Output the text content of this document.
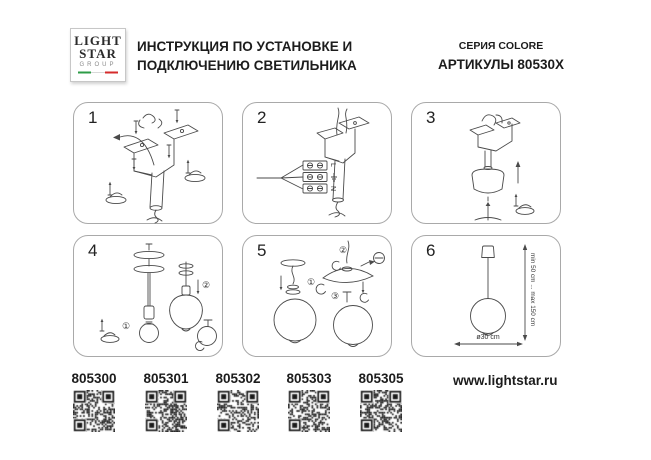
LIGHT
STAR
GROUP
ИНСТРУКЦИЯ ПО УСТАНОВКЕ И
ПОДКЛЮЧЕНИЮ СВЕТИЛЬНИКА
СЕРИЯ COLORE
АРТИКУЛЫ 80530X
1	2
L
N
3
4
①
②
5
①
②
③
6
min 50 cm ... max 150 cm
ø30 cm
805300	805301	805302	805303	805305	www.lightstar.ru
